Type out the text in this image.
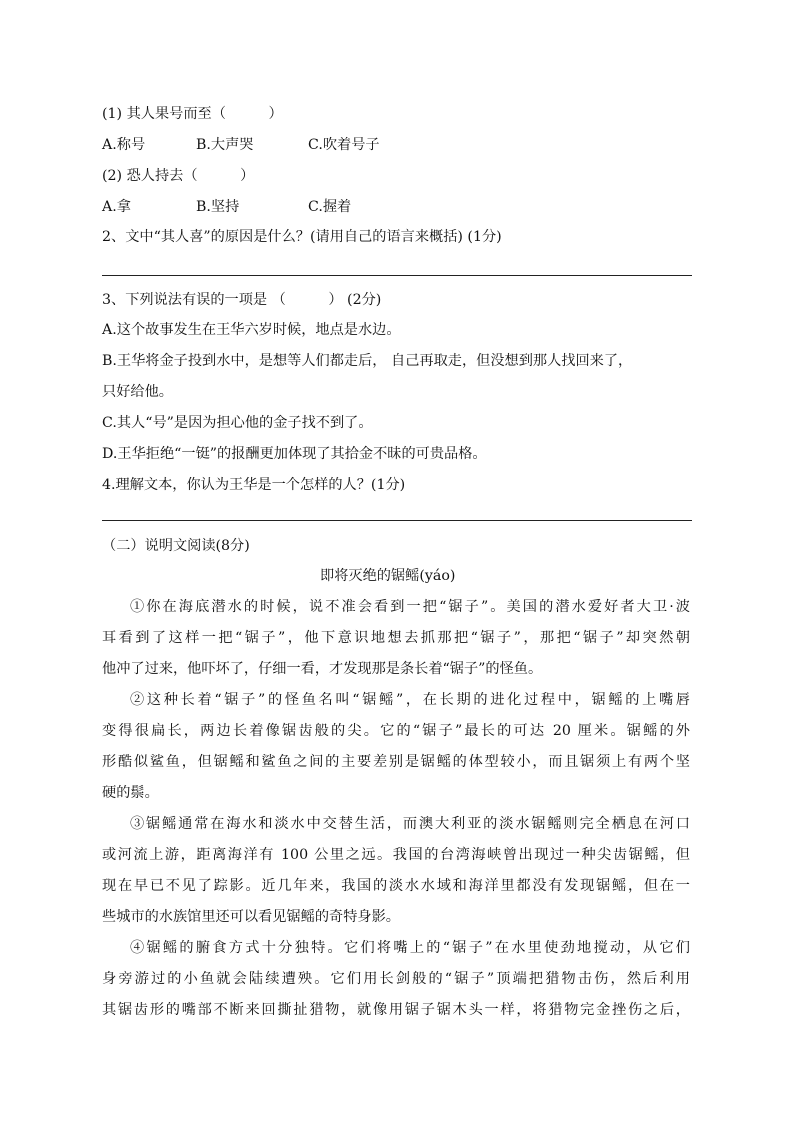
(1) 其人果号而至（　　　）
A.称号	B.大声哭	C.吹着号子
(2) 恐人持去（　　　）
A.拿	B.坚持	C.握着
2、文中“其人喜”的原因是什么？(请用自己的语言来概括) (1分)
3、下列说法有误的一项是 （　　　） (2分)
A.这个故事发生在王华六岁时候，地点是水边。
B.王华将金子投到水中，是想等人们都走后， 自己再取走，但没想到那人找回来了，
只好给他。
C.其人“号”是因为担心他的金子找不到了。
D.王华拒绝“一铤”的报酬更加体现了其拾金不昧的可贵品格。
4.理解文本，你认为王华是一个怎样的人？(1分)
（二）说明文阅读(8分)
即将灭绝的锯鳐(yáo)
①你在海底潜水的时候，说不准会看到一把“锯子”。美国的潜水爱好者大卫·波
耳看到了这样一把“锯子”，他下意识地想去抓那把“锯子”，那把“锯子”却突然朝
他冲了过来，他吓坏了，仔细一看，才发现那是条长着“锯子”的怪鱼。
②这种长着“锯子”的怪鱼名叫“锯鳐”，在长期的进化过程中，锯鳐的上嘴唇
变得很扁长，两边长着像锯齿般的尖。它的“锯子”最长的可达 20 厘米。锯鳐的外
形酷似鲨鱼，但锯鳐和鲨鱼之间的主要差别是锯鳐的体型较小，而且锯须上有两个坚
硬的鬃。
③锯鳐通常在海水和淡水中交替生活，而澳大利亚的淡水锯鳐则完全栖息在河口
或河流上游，距离海洋有 100 公里之远。我国的台湾海峡曾出现过一种尖齿锯鳐，但
现在早已不见了踪影。近几年来，我国的淡水水域和海洋里都没有发现锯鳐，但在一
些城市的水族馆里还可以看见锯鳐的奇特身影。
④锯鳐的腑食方式十分独特。它们将嘴上的“锯子”在水里使劲地搅动，从它们
身旁游过的小鱼就会陆续遭殃。它们用长剑般的“锯子”顶端把猎物击伤，然后利用
其锯齿形的嘴部不断来回撕扯猎物，就像用锯子锯木头一样，将猎物完金挫伤之后，
